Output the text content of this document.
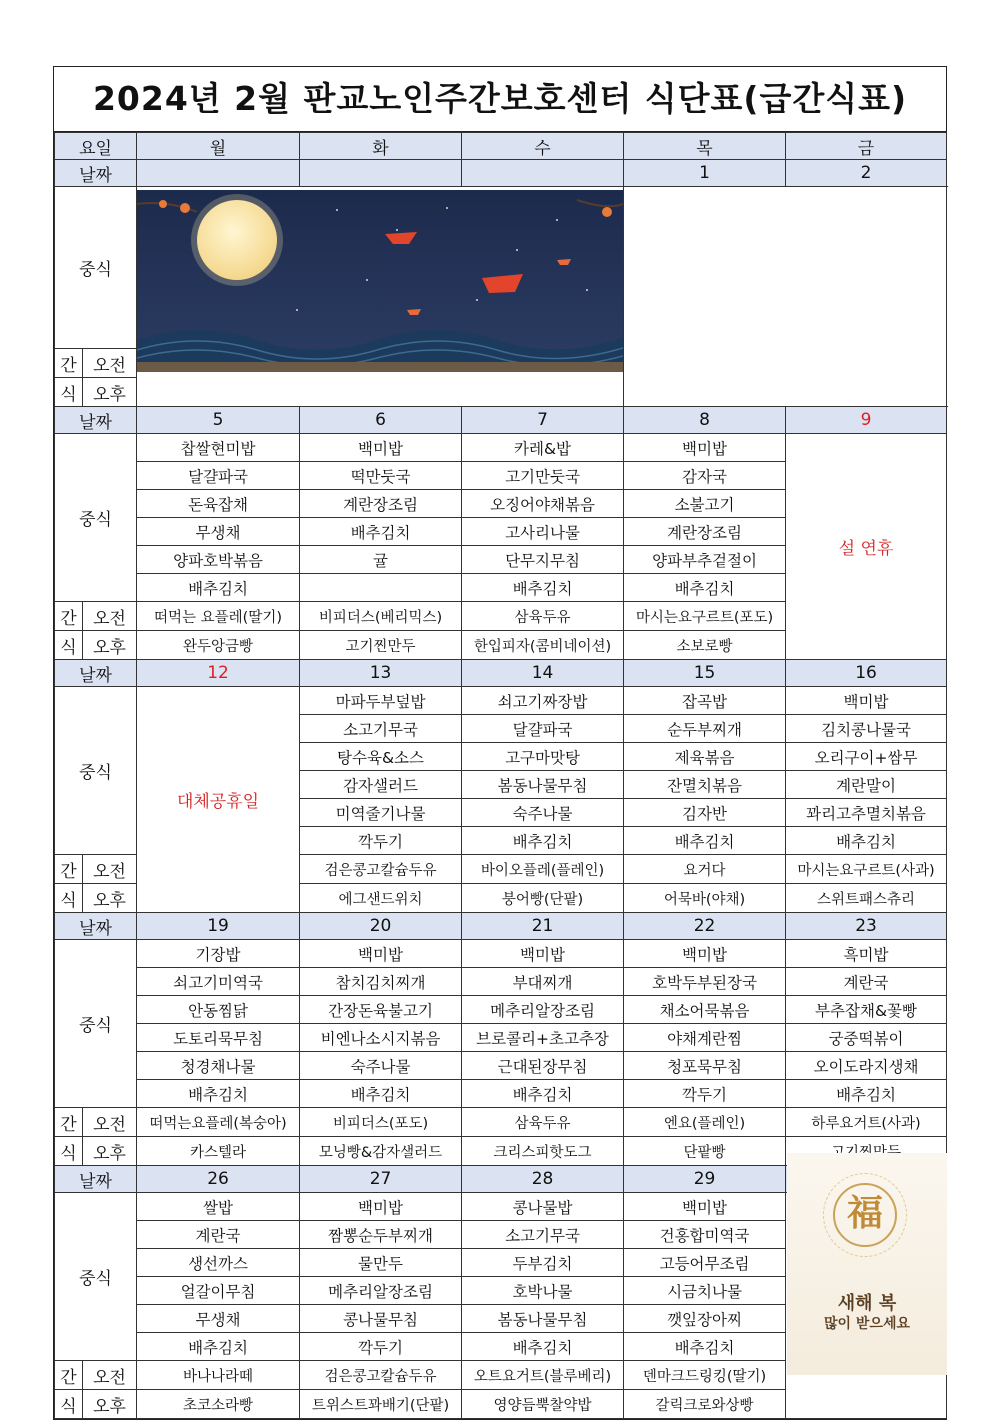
2024년 2월 판교노인주간보호센터 식단표(급간식표)
요일		월	화	수	목	금	
날짜					1	2	
중식					

간	오전		
식	오후		
날짜		5	6	7	8	9	
중식		찹쌀현미밥	백미밥	카레&밥	백미밥	설 연휴	
		달걀파국	떡만둣국	고기만둣국	감자국		
		돈육잡채	계란장조림	오징어야채볶음	소불고기		
		무생채	배추김치	고사리나물	계란장조림		
		양파호박볶음	귤	단무지무침	양파부추겉절이		
		배추김치		배추김치	배추김치		
간	오전	떠먹는 요플레(딸기)	비피더스(베리믹스)	삼육두유	마시는요구르트(포도)		
식	오후	완두앙금빵	고기찐만두	한입피자(콤비네이션)	소보로빵		
날짜		12	13	14	15	16	
중식		대체공휴일	마파두부덮밥	쇠고기짜장밥	잡곡밥	백미밥	
			소고기무국	달걀파국	순두부찌개	김치콩나물국	
			탕수육&소스	고구마맛탕	제육볶음	오리구이+쌈무	
			감자샐러드	봄동나물무침	잔멸치볶음	계란말이	
			미역줄기나물	숙주나물	김자반	꽈리고추멸치볶음	
			깍두기	배추김치	배추김치	배추김치	
간	오전		검은콩고칼슘두유	바이오플레(플레인)	요거다	마시는요구르트(사과)	
식	오후		에그샌드위치	붕어빵(단팥)	어묵바(야채)	스위트패스츄리	
날짜		19	20	21	22	23	
중식		기장밥	백미밥	백미밥	백미밥	흑미밥	
		쇠고기미역국	참치김치찌개	부대찌개	호박두부된장국	계란국	
		안동찜닭	간장돈육불고기	메추리알장조림	채소어묵볶음	부추잡채&꽃빵	
		도토리묵무침	비엔나소시지볶음	브로콜리+초고추장	야채계란찜	궁중떡볶이	
		청경채나물	숙주나물	근대된장무침	청포묵무침	오이도라지생채	
		배추김치	배추김치	배추김치	깍두기	배추김치	
간	오전	떠먹는요플레(복숭아)	비피더스(포도)	삼육두유	엔요(플레인)	하루요거트(사과)	
식	오후	카스텔라	모닝빵&감자샐러드	크리스피핫도그	단팥빵	
날짜		26	27	28	29		
중식		쌀밥	백미밥	콩나물밥	백미밥		
		계란국	짬뽕순두부찌개	소고기무국	건홍합미역국		
		생선까스	물만두	두부김치	고등어무조림		
		얼갈이무침	메추리알장조림	호박나물	시금치나물		
		무생채	콩나물무침	봄동나물무침	깻잎장아찌		
		배추김치	깍두기	배추김치	배추김치		
간	오전	바나나라떼	검은콩고칼슘두유	오트요거트(블루베리)	덴마크드링킹(딸기)		
식	오후	초코소라빵	트위스트꽈배기(단팥)	영양듬뿍찰약밥	갈릭크로와상빵		
福
새해 복
많이 받으세요
